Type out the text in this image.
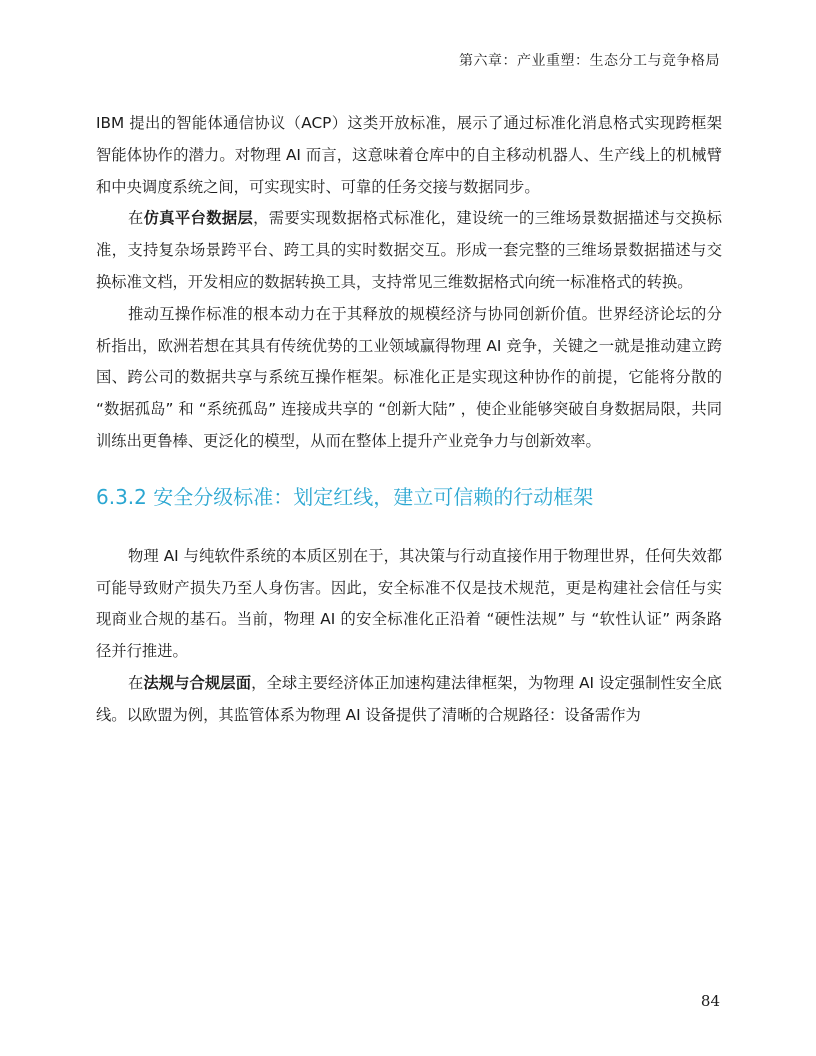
第六章：产业重塑：生态分工与竞争格局

IBM 提出的智能体通信协议（ACP）这类开放标准，展示了通过标准化消息格式实现跨框架智能体协作的潜力。对物理 AI 而言，这意味着仓库中的自主移动机器人、生产线上的机械臂和中央调度系统之间，可实现实时、可靠的任务交接与数据同步。

在仿真平台数据层，需要实现数据格式标准化，建设统一的三维场景数据描述与交换标准，支持复杂场景跨平台、跨工具的实时数据交互。形成一套完整的三维场景数据描述与交换标准文档，开发相应的数据转换工具，支持常见三维数据格式向统一标准格式的转换。

推动互操作标准的根本动力在于其释放的规模经济与协同创新价值。世界经济论坛的分析指出，欧洲若想在其具有传统优势的工业领域赢得物理 AI 竞争，关键之一就是推动建立跨国、跨公司的数据共享与系统互操作框架。标准化正是实现这种协作的前提，它能将分散的 “数据孤岛” 和 “系统孤岛” 连接成共享的 “创新大陆” ，使企业能够突破自身数据局限，共同训练出更鲁棒、更泛化的模型，从而在整体上提升产业竞争力与创新效率。

6.3.2 安全分级标准：划定红线，建立可信赖的行动框架

物理 AI 与纯软件系统的本质区别在于，其决策与行动直接作用于物理世界，任何失效都可能导致财产损失乃至人身伤害。因此，安全标准不仅是技术规范，更是构建社会信任与实现商业合规的基石。当前，物理 AI 的安全标准化正沿着 “硬性法规” 与 “软性认证” 两条路径并行推进。

在法规与合规层面，全球主要经济体正加速构建法律框架，为物理 AI 设定强制性安全底线。以欧盟为例，其监管体系为物理 AI 设备提供了清晰的合规路径：设备需作为

84
